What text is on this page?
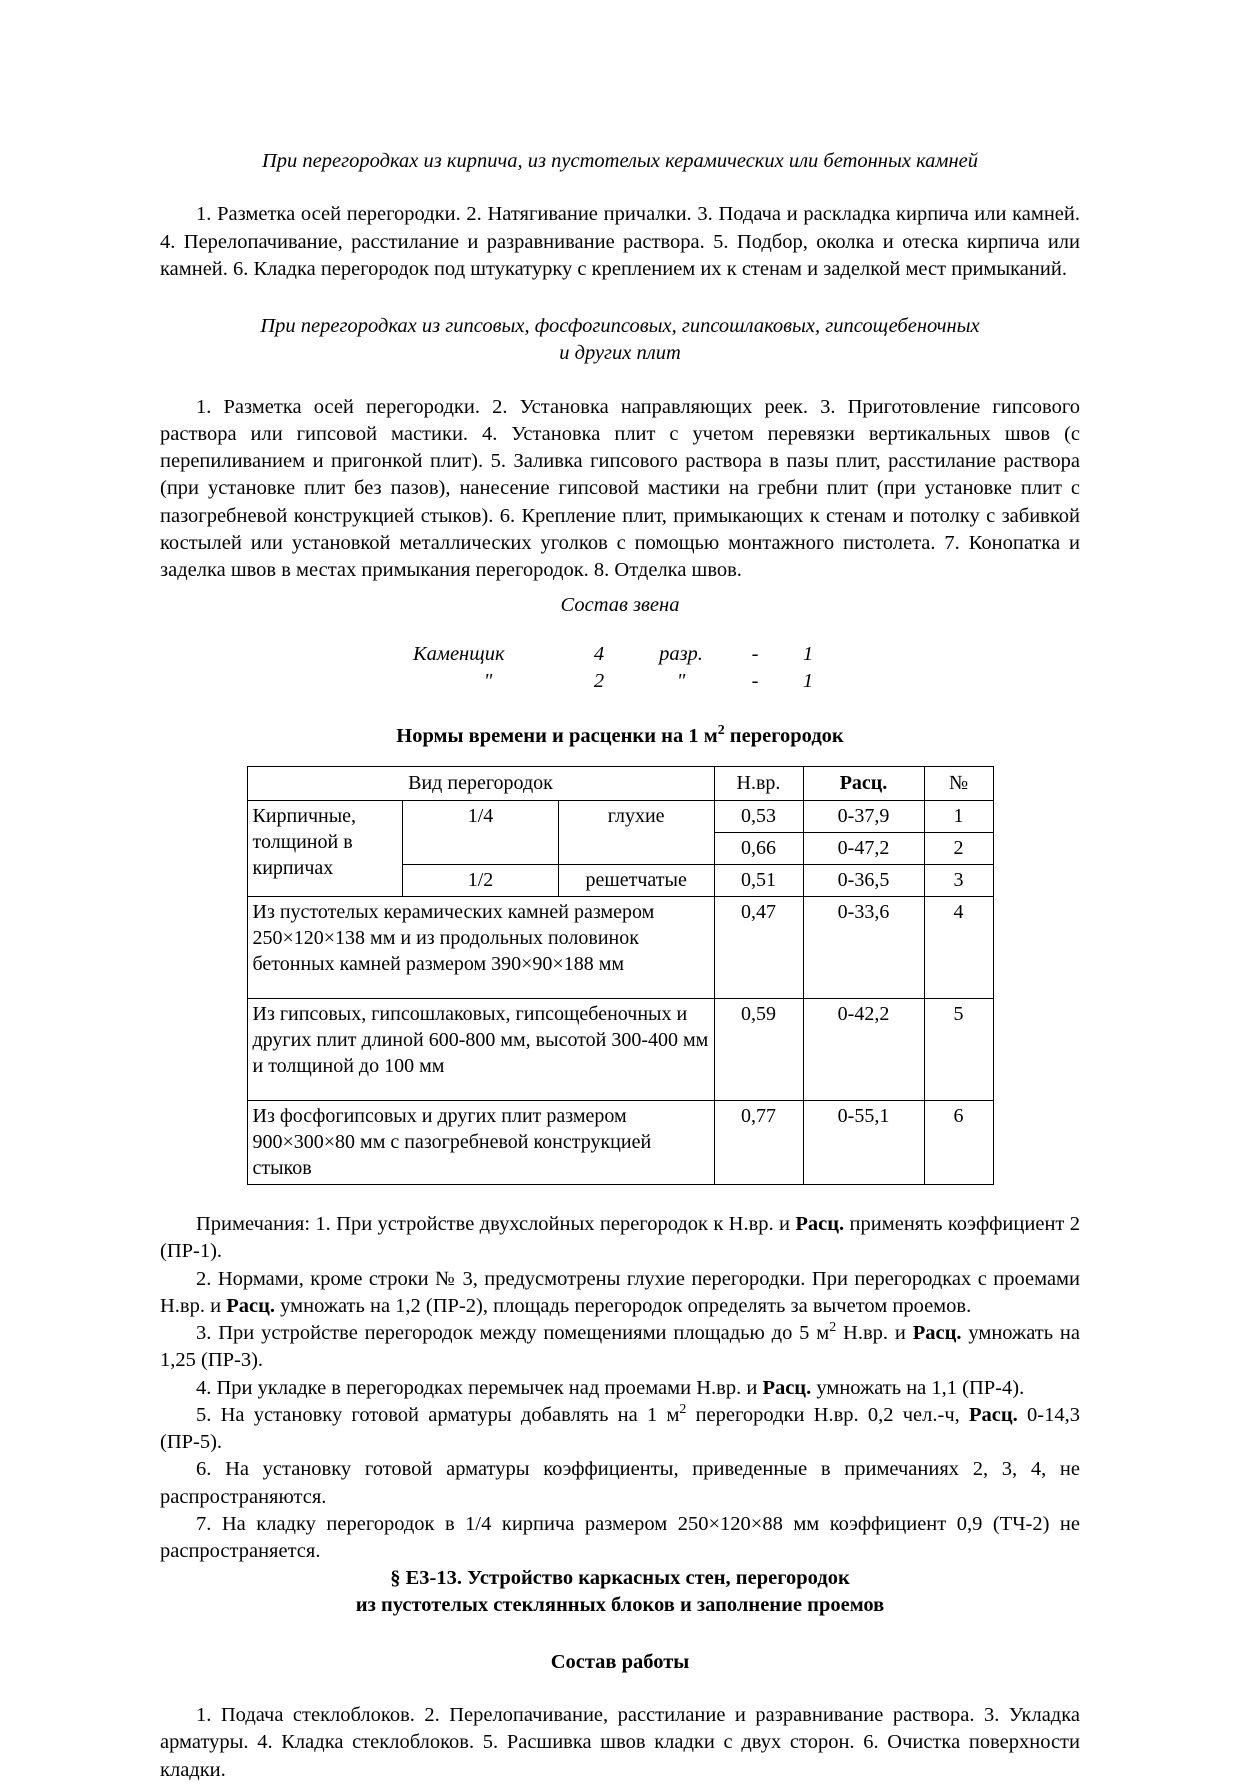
При перегородках из кирпича, из пустотелых керамических или бетонных камней

1. Разметка осей перегородки. 2. Натягивание причалки. 3. Подача и раскладка кирпича или камней. 4. Перелопачивание, расстилание и разравнивание раствора. 5. Подбор, околка и отеска кирпича или камней. 6. Кладка перегородок под штукатурку с креплением их к стенам и заделкой мест примыканий.

При перегородках из гипсовых, фосфогипсовых, гипсошлаковых, гипсощебеночных
и других плит

1. Разметка осей перегородки. 2. Установка направляющих реек. 3. Приготовление гипсового раствора или гипсовой мастики. 4. Установка плит с учетом перевязки вертикальных швов (с перепиливанием и пригонкой плит). 5. Заливка гипсового раствора в пазы плит, расстилание раствора (при установке плит без пазов), нанесение гипсовой мастики на гребни плит (при установке плит с пазогребневой конструкцией стыков). 6. Крепление плит, примыкающих к стенам и потолку с забивкой костылей или установкой металлических уголков с помощью монтажного пистолета. 7. Конопатка и заделка швов в местах примыкания перегородок. 8. Отделка швов.

Состав звена
Каменщик	4	разр.	-	1
"	2	"	-	1
Нормы времени и расценки на 1 $м^2$ перегородок
Вид перегородок			Н.вр.	Расц.	№
Кирпичные, толщиной в кирпичах	1/4	глухие	0,53	0-37,9	1
			0,66	0-47,2	2
	1/2	решетчатые	0,51	0-36,5	3
Из пустотелых керамических камней размером 250×120×138 мм и из продольных половинок бетонных камней размером 390×90×188 мм			0,47	0-33,6	4
Из гипсовых, гипсошлаковых, гипсощебеночных и других плит длиной 600-800 мм, высотой 300-400 мм и толщиной до 100 мм			0,59	0-42,2	5
Из фосфогипсовых и других плит размером 900×300×80 мм с пазогребневой конструкцией стыков			0,77	0-55,1	6

Примечания: 1. При устройстве двухслойных перегородок к Н.вр. и Расц. применять коэффициент 2 (ПР-1).

2. Нормами, кроме строки № 3, предусмотрены глухие перегородки. При перегородках с проемами Н.вр. и Расц. умножать на 1,2 (ПР-2), площадь перегородок определять за вычетом проемов.

3. При устройстве перегородок между помещениями площадью до 5 $м^2$ Н.вр. и Расц. умножать на 1,25 (ПР-3).

4. При укладке в перегородках перемычек над проемами Н.вр. и Расц. умножать на 1,1 (ПР-4).

5. На установку готовой арматуры добавлять на 1 $м^2$ перегородки Н.вр. 0,2 чел.-ч, Расц. 0-14,3 (ПР-5).

6. На установку готовой арматуры коэффициенты, приведенные в примечаниях 2, 3, 4, не распространяются.

7. На кладку перегородок в 1/4 кирпича размером 250×120×88 мм коэффициент 0,9 (ТЧ-2) не распространяется.

§ Е3-13. Устройство каркасных стен, перегородок
из пустотелых стеклянных блоков и заполнение проемов
Состав работы

1. Подача стеклоблоков. 2. Перелопачивание, расстилание и разравнивание раствора. 3. Укладка арматуры. 4. Кладка стеклоблоков. 5. Расшивка швов кладки с двух сторон. 6. Очистка поверхности кладки.
